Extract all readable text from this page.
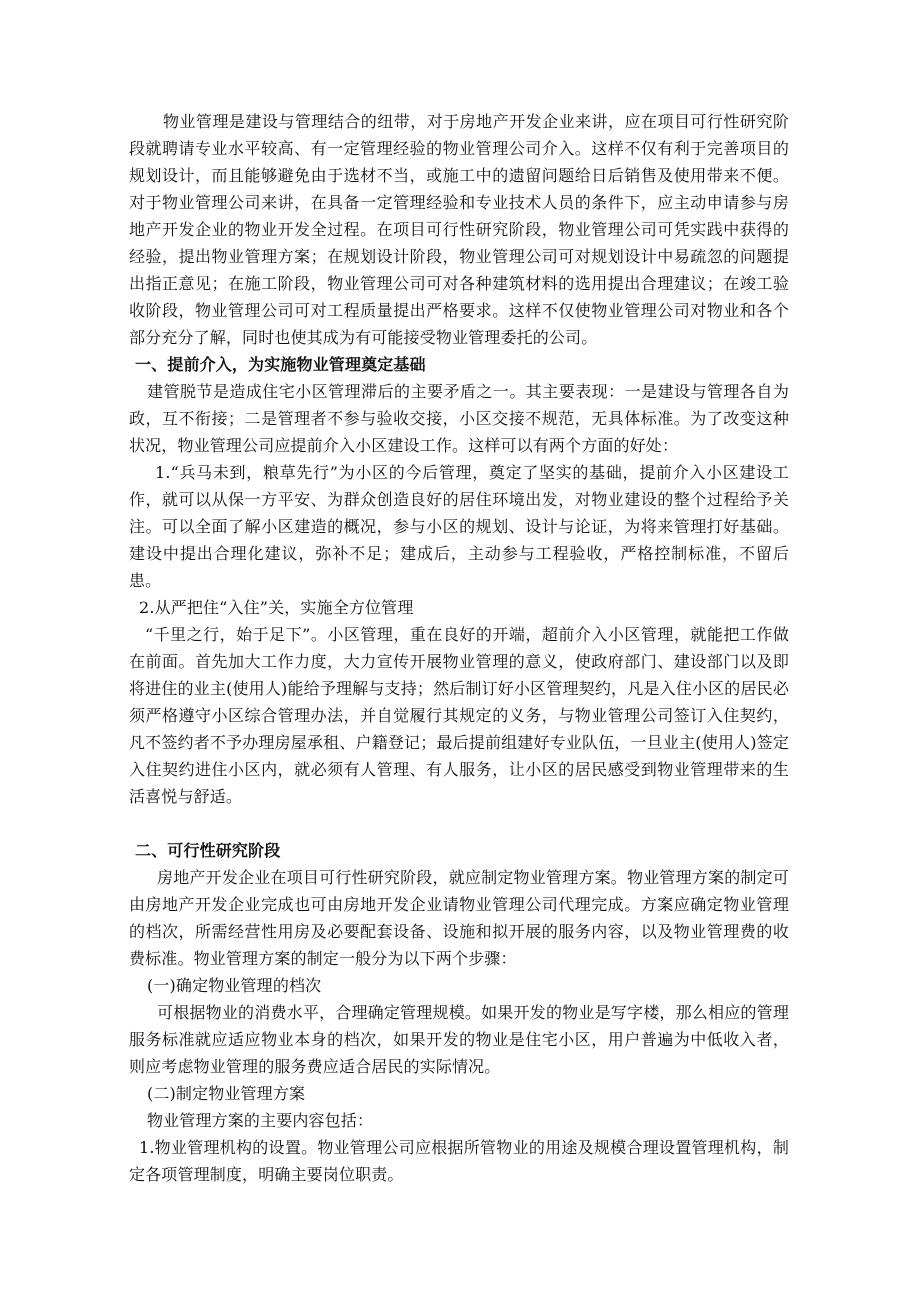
物业管理是建设与管理结合的纽带，对于房地产开发企业来讲，应在项目可行性研究阶段就聘请专业水平较高、有一定管理经验的物业管理公司介入。这样不仅有利于完善项目的规划设计，而且能够避免由于选材不当，或施工中的遗留问题给日后销售及使用带来不便。对于物业管理公司来讲，在具备一定管理经验和专业技术人员的条件下，应主动申请参与房地产开发企业的物业开发全过程。在项目可行性研究阶段，物业管理公司可凭实践中获得的经验，提出物业管理方案；在规划设计阶段，物业管理公司可对规划设计中易疏忽的问题提出指正意见；在施工阶段，物业管理公司可对各种建筑材料的选用提出合理建议；在竣工验收阶段，物业管理公司可对工程质量提出严格要求。这样不仅使物业管理公司对物业和各个部分充分了解，同时也使其成为有可能接受物业管理委托的公司。

一、提前介入，为实施物业管理奠定基础

建管脱节是造成住宅小区管理滞后的主要矛盾之一。其主要表现：一是建设与管理各自为政，互不衔接；二是管理者不参与验收交接，小区交接不规范，无具体标准。为了改变这种状况，物业管理公司应提前介入小区建设工作。这样可以有两个方面的好处：

1.“兵马未到，粮草先行”为小区的今后管理，奠定了坚实的基础，提前介入小区建设工作，就可以从保一方平安、为群众创造良好的居住环境出发，对物业建设的整个过程给予关注。可以全面了解小区建造的概况，参与小区的规划、设计与论证，为将来管理打好基础。建设中提出合理化建议，弥补不足；建成后，主动参与工程验收，严格控制标准，不留后患。

2.从严把住“入住”关，实施全方位管理

“千里之行，始于足下”。小区管理，重在良好的开端，超前介入小区管理，就能把工作做在前面。首先加大工作力度，大力宣传开展物业管理的意义，使政府部门、建设部门以及即将进住的业主(使用人)能给予理解与支持；然后制订好小区管理契约，凡是入住小区的居民必须严格遵守小区综合管理办法，并自觉履行其规定的义务，与物业管理公司签订入住契约，凡不签约者不予办理房屋承租、户籍登记；最后提前组建好专业队伍，一旦业主(使用人)签定入住契约进住小区内，就必须有人管理、有人服务，让小区的居民感受到物业管理带来的生活喜悦与舒适。

二、可行性研究阶段

房地产开发企业在项目可行性研究阶段，就应制定物业管理方案。物业管理方案的制定可由房地产开发企业完成也可由房地开发企业请物业管理公司代理完成。方案应确定物业管理的档次，所需经营性用房及必要配套设备、设施和拟开展的服务内容，以及物业管理费的收费标准。物业管理方案的制定一般分为以下两个步骤：

(一)确定物业管理的档次

可根据物业的消费水平，合理确定管理规模。如果开发的物业是写字楼，那么相应的管理服务标准就应适应物业本身的档次，如果开发的物业是住宅小区，用户普遍为中低收入者，则应考虑物业管理的服务费应适合居民的实际情况。

(二)制定物业管理方案

物业管理方案的主要内容包括：

1.物业管理机构的设置。物业管理公司应根据所管物业的用途及规模合理设置管理机构，制定各项管理制度，明确主要岗位职责。
